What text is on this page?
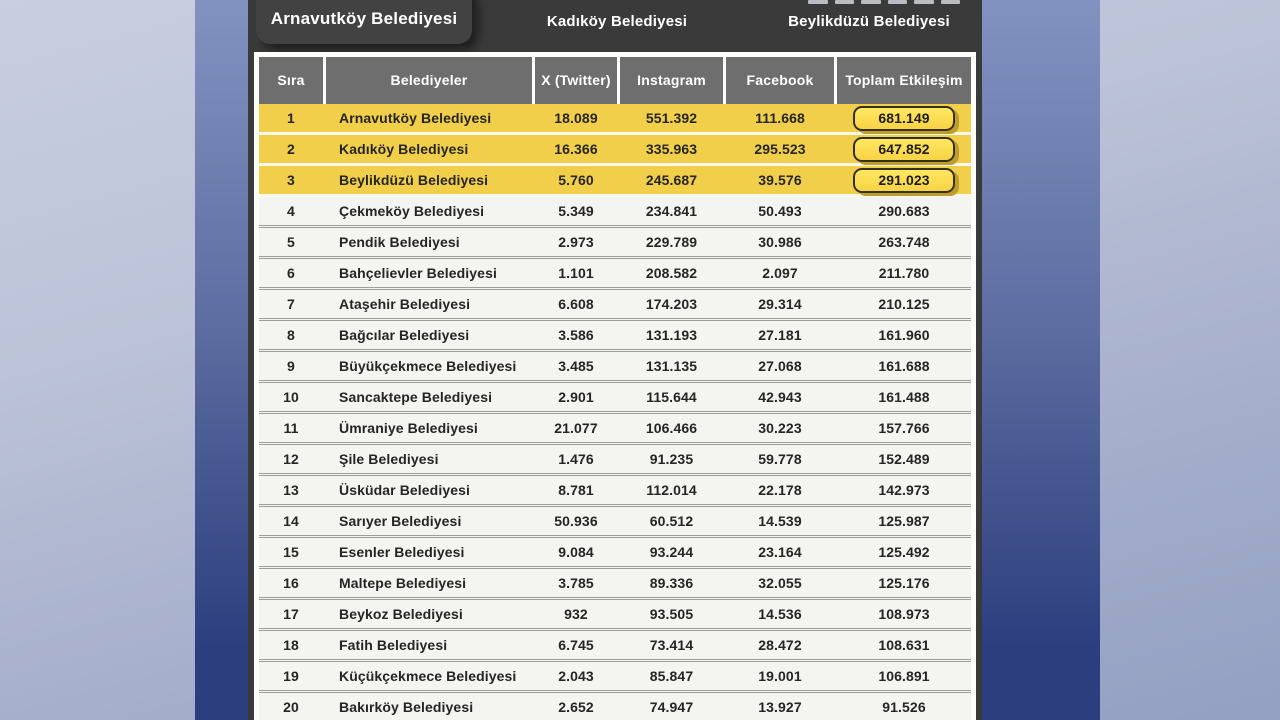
Arnavutköy Belediyesi	Kadıköy Belediyesi	Beylikdüzü Belediyesi
Sıra	Belediyeler	X (Twitter)	Instagram	Facebook	Toplam Etkileşim
1	Arnavutköy Belediyesi	18.089	551.392	111.668	681.149
2	Kadıköy Belediyesi	16.366	335.963	295.523	647.852
3	Beylikdüzü Belediyesi	5.760	245.687	39.576	291.023
4	Çekmeköy Belediyesi	5.349	234.841	50.493	290.683
5	Pendik Belediyesi	2.973	229.789	30.986	263.748
6	Bahçelievler Belediyesi	1.101	208.582	2.097	211.780
7	Ataşehir Belediyesi	6.608	174.203	29.314	210.125
8	Bağcılar Belediyesi	3.586	131.193	27.181	161.960
9	Büyükçekmece Belediyesi	3.485	131.135	27.068	161.688
10	Sancaktepe Belediyesi	2.901	115.644	42.943	161.488
11	Ümraniye Belediyesi	21.077	106.466	30.223	157.766
12	Şile Belediyesi	1.476	91.235	59.778	152.489
13	Üsküdar Belediyesi	8.781	112.014	22.178	142.973
14	Sarıyer Belediyesi	50.936	60.512	14.539	125.987
15	Esenler Belediyesi	9.084	93.244	23.164	125.492
16	Maltepe Belediyesi	3.785	89.336	32.055	125.176
17	Beykoz Belediyesi	932	93.505	14.536	108.973
18	Fatih Belediyesi	6.745	73.414	28.472	108.631
19	Küçükçekmece Belediyesi	2.043	85.847	19.001	106.891
20	Bakırköy Belediyesi	2.652	74.947	13.927	91.526
